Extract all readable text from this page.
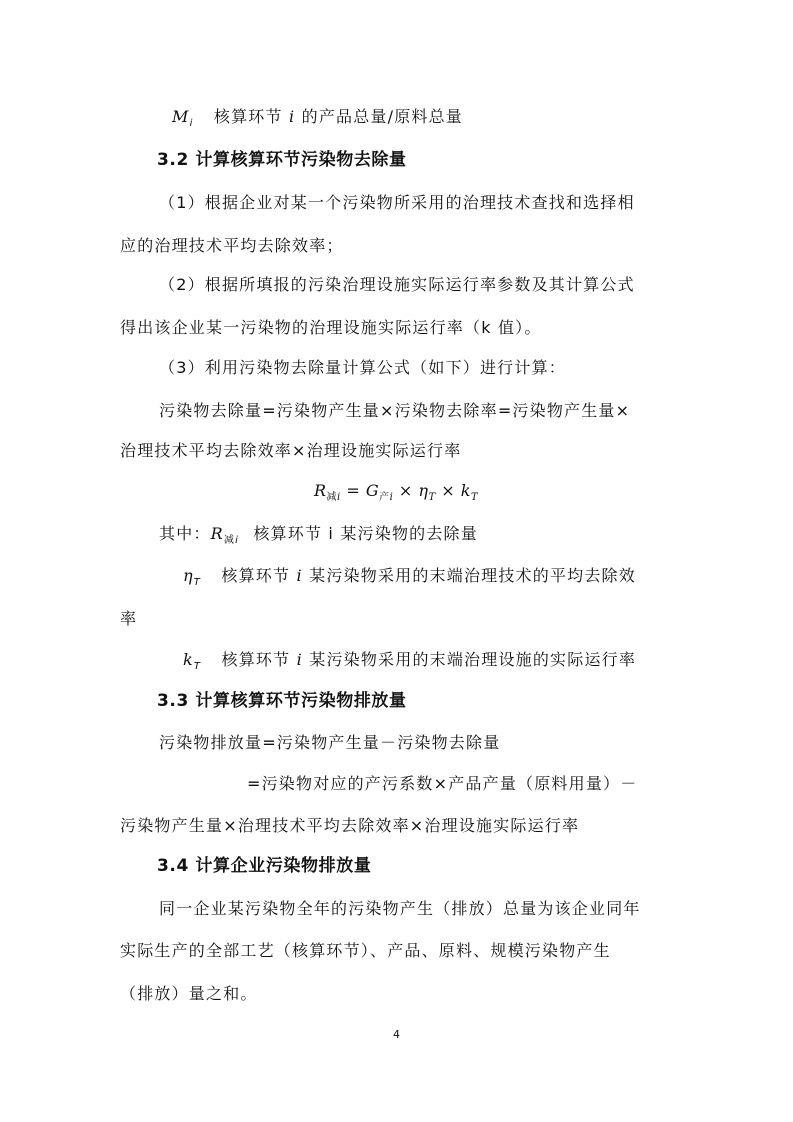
$M_i$ 核算环节 i 的产品总量/原料总量
3.2 计算核算环节污染物去除量
（1）根据企业对某一个污染物所采用的治理技术查找和选择相
应的治理技术平均去除效率；
（2）根据所填报的污染治理设施实际运行率参数及其计算公式
得出该企业某一污染物的治理设施实际运行率（k 值）。
（3）利用污染物去除量计算公式（如下）进行计算：
污染物去除量=污染物产生量×污染物去除率=污染物产生量×
治理技术平均去除效率×治理设施实际运行率
$R_{减i} = G_{产i} \times \eta_T \times k_T$
其中：$R_{减i}$ 核算环节 i 某污染物的去除量
$\eta_T$ 核算环节 i 某污染物采用的末端治理技术的平均去除效
率
$k_T$ 核算环节 i 某污染物采用的末端治理设施的实际运行率
3.3 计算核算环节污染物排放量
污染物排放量=污染物产生量－污染物去除量
=污染物对应的产污系数×产品产量（原料用量）－
污染物产生量×治理技术平均去除效率×治理设施实际运行率
3.4 计算企业污染物排放量
同一企业某污染物全年的污染物产生（排放）总量为该企业同年
实际生产的全部工艺（核算环节）、产品、原料、规模污染物产生
（排放）量之和。
4
